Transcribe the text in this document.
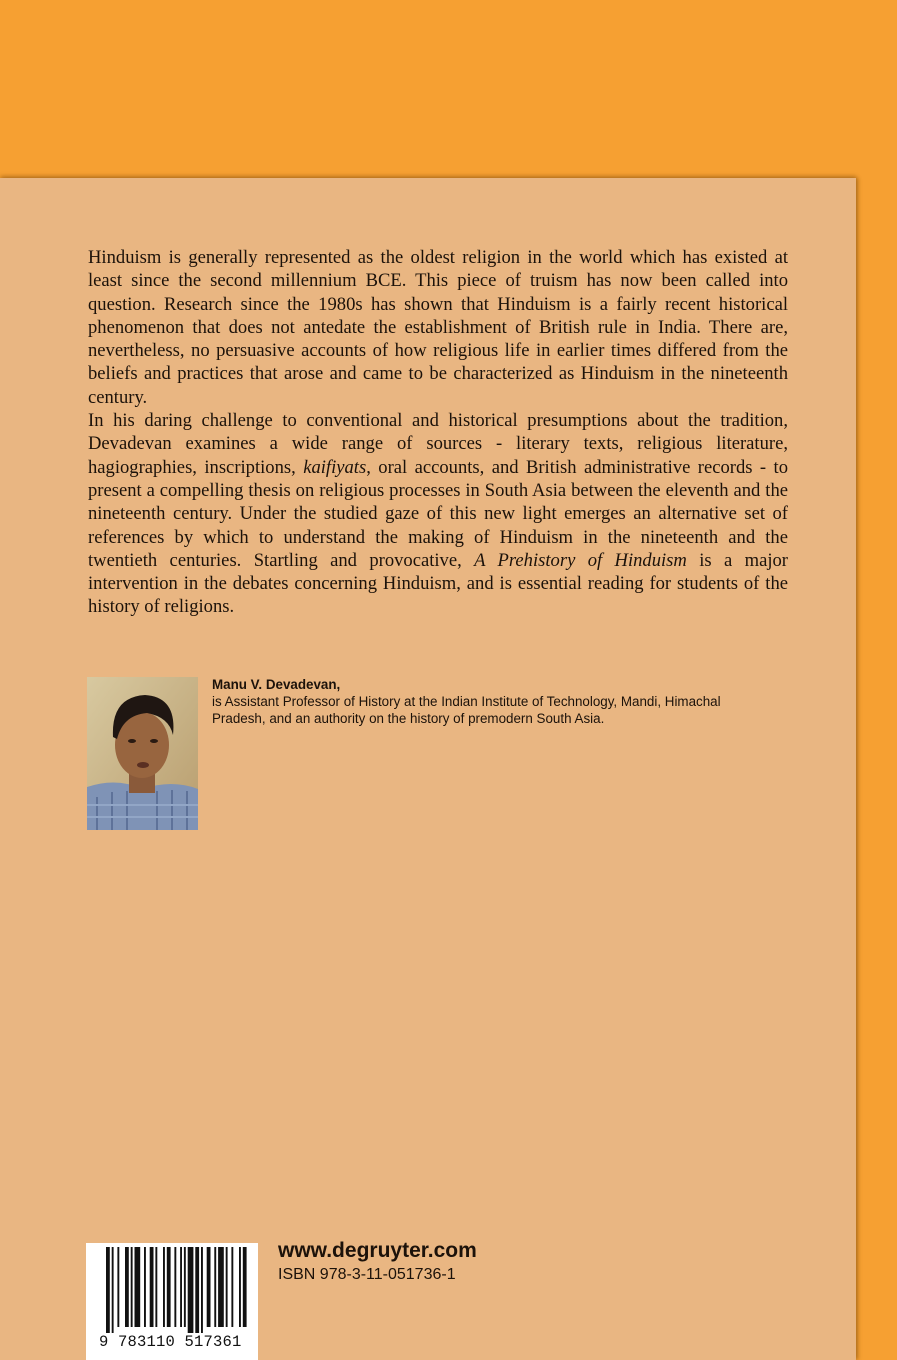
Hinduism is generally represented as the oldest religion in the world which has existed at least since the second millennium BCE. This piece of truism has now been called into question. Research since the 1980s has shown that Hinduism is a fairly recent historical phenomenon that does not antedate the establishment of British rule in India. There are, nevertheless, no persuasive accounts of how religious life in earlier times differed from the beliefs and practices that arose and came to be characterized as Hinduism in the nineteenth century.

In his daring challenge to conventional and historical presumptions about the tradition, Devadevan examines a wide range of sources - literary texts, religious literature, hagiographies, inscriptions, kaifiyats, oral accounts, and British administrative records - to present a compelling thesis on religious processes in South Asia between the eleventh and the nineteenth century. Under the studied gaze of this new light emerges an alternative set of references by which to understand the making of Hinduism in the nineteenth and the twentieth centuries. Startling and provocative, A Prehistory of Hinduism is a major intervention in the debates concerning Hinduism, and is essential reading for students of the history of religions.

Manu V. Devadevan,
is Assistant Professor of History at the Indian Institute of Technology, Mandi, Himachal Pradesh, and an authority on the history of premodern South Asia.
9 783110 517361
www.degruyter.com
ISBN 978-3-11-051736-1
